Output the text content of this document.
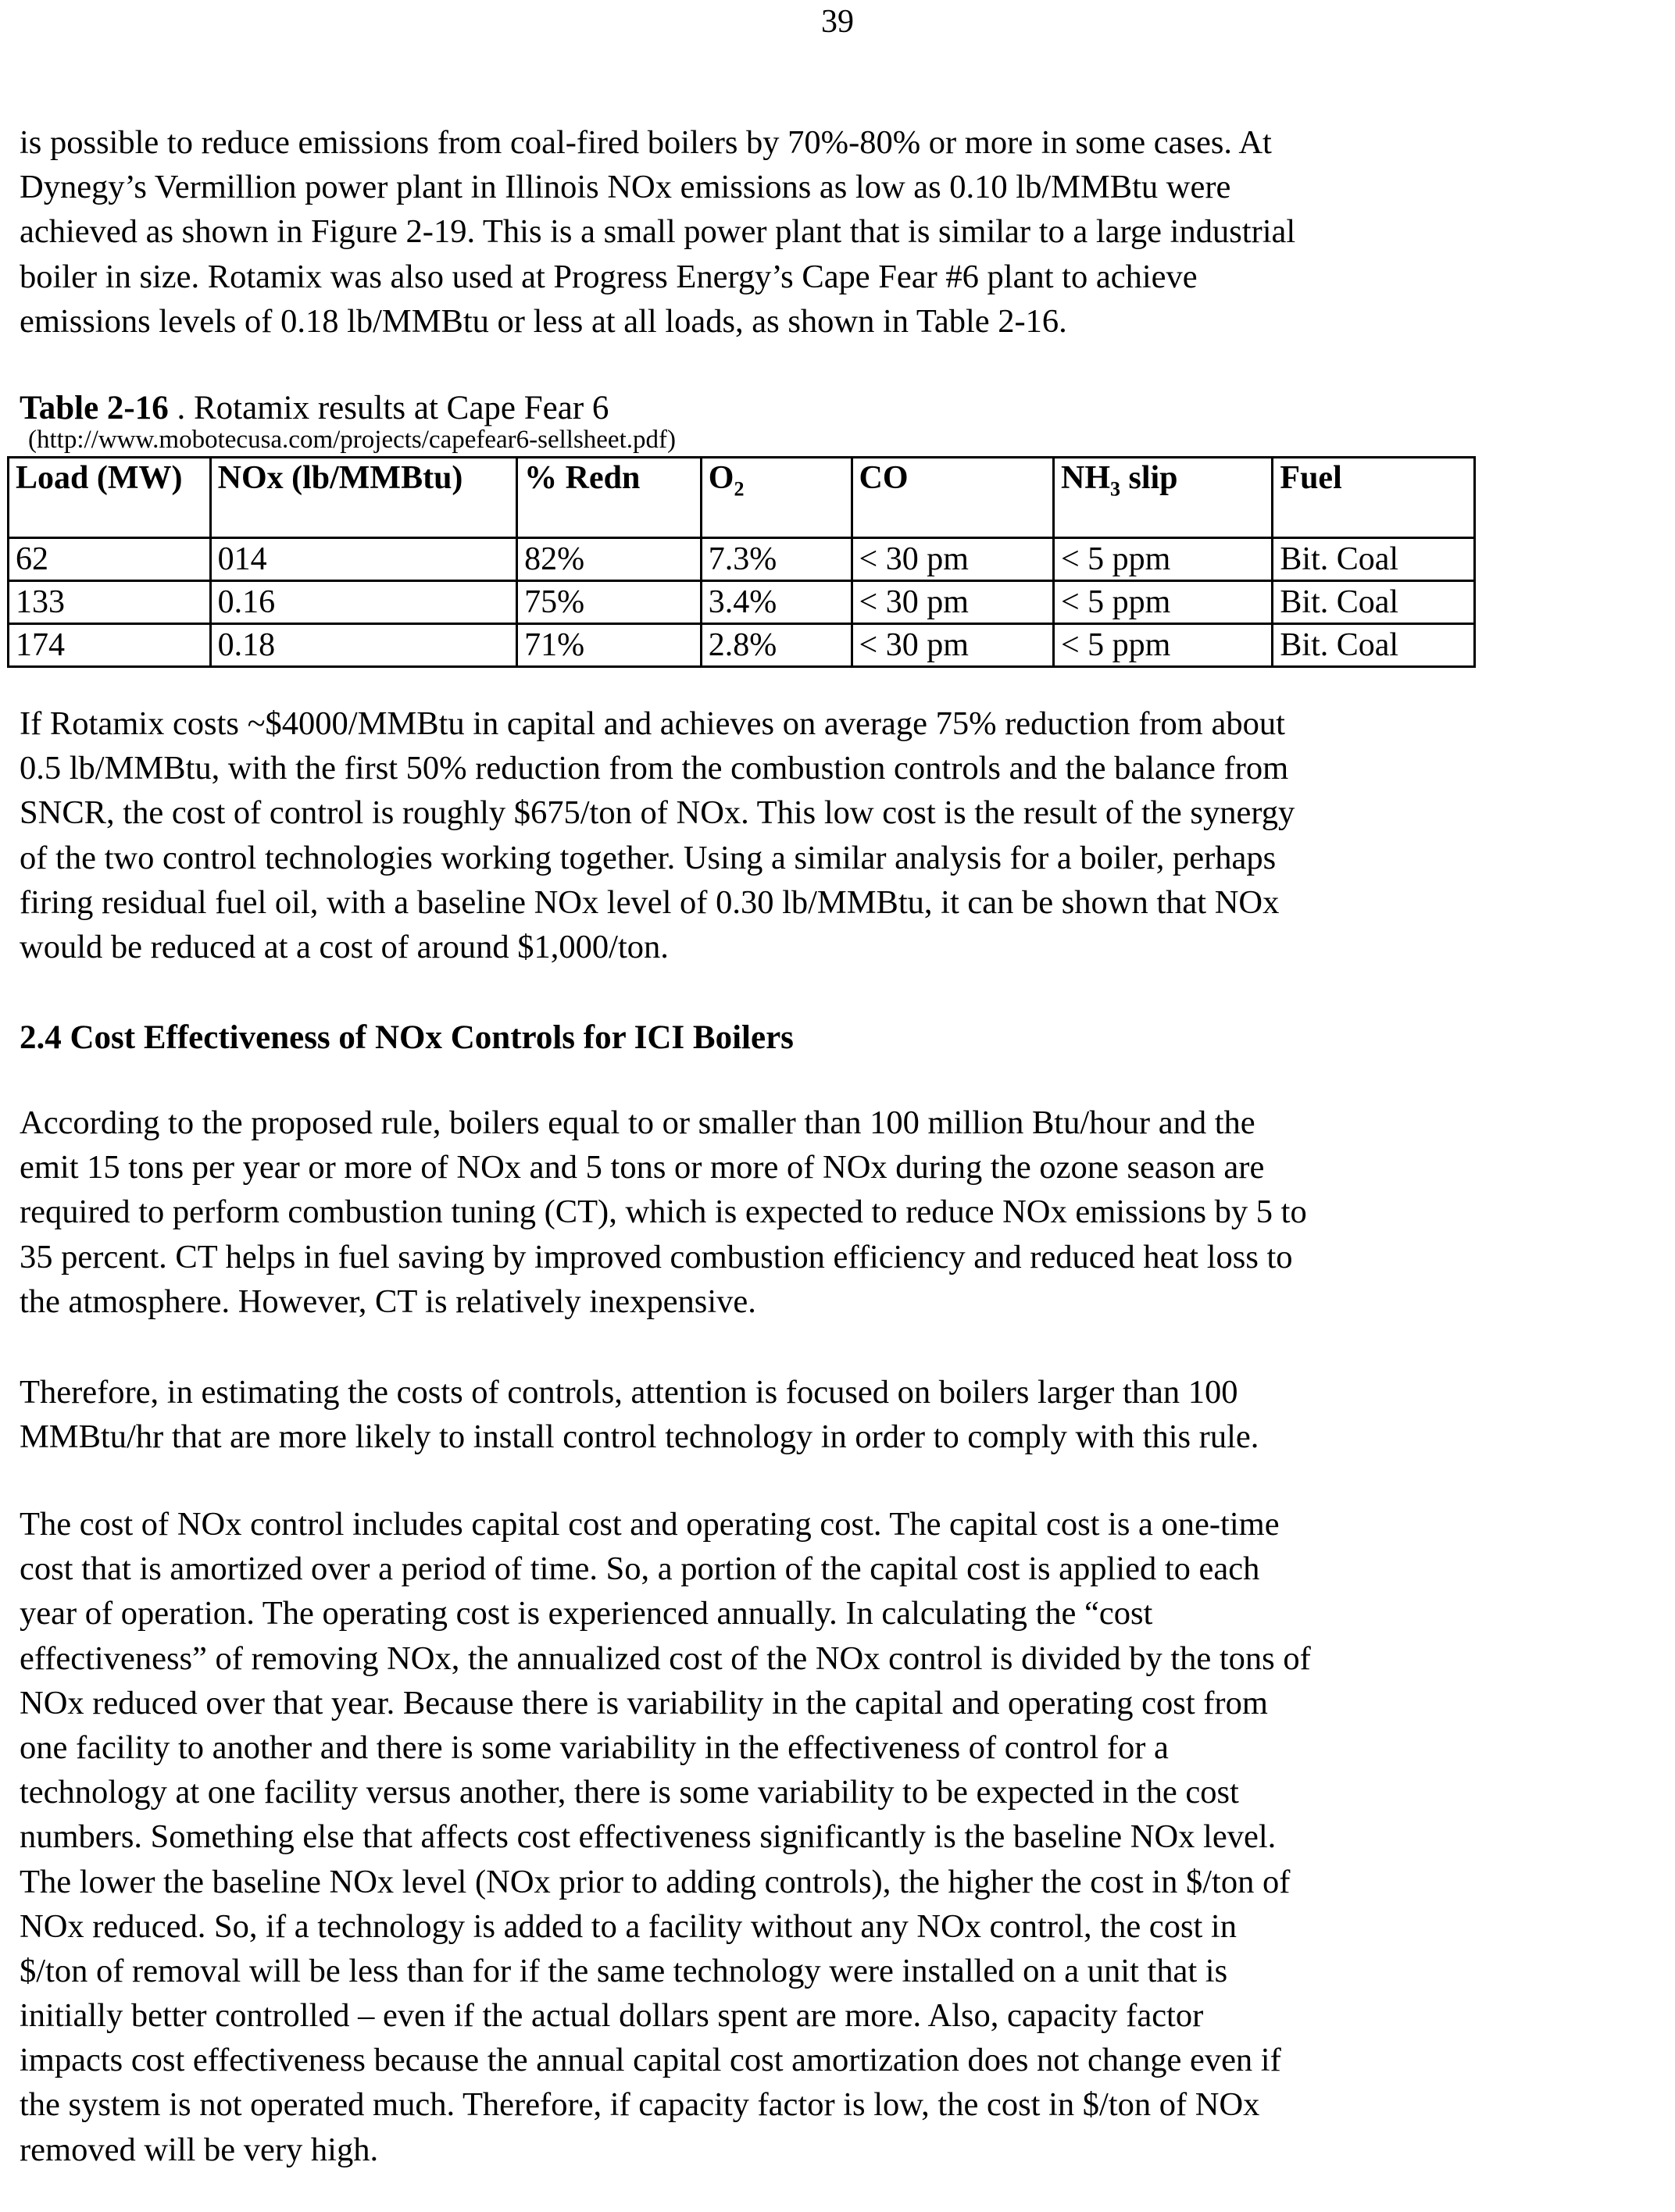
39
is possible to reduce emissions from coal-fired boilers by 70%-80% or more in some cases. At
Dynegy’s Vermillion power plant in Illinois NOx emissions as low as 0.10 lb/MMBtu were
achieved as shown in Figure 2-19. This is a small power plant that is similar to a large industrial
boiler in size. Rotamix was also used at Progress Energy’s Cape Fear #6 plant to achieve
emissions levels of 0.18 lb/MMBtu or less at all loads, as shown in Table 2-16.
Table 2-16 . Rotamix results at Cape Fear 6
(http://www.mobotecusa.com/projects/capefear6-sellsheet.pdf)
Load (MW)	NOx (lb/MMBtu)	% Redn	$O_2$	CO	$NH_3$ slip	Fuel
62	014	82%	7.3%	< 30 pm	< 5 ppm	Bit. Coal
133	0.16	75%	3.4%	< 30 pm	< 5 ppm	Bit. Coal
174	0.18	71%	2.8%	< 30 pm	< 5 ppm	Bit. Coal
If Rotamix costs ~$4000/MMBtu in capital and achieves on average 75% reduction from about
0.5 lb/MMBtu, with the first 50% reduction from the combustion controls and the balance from
SNCR, the cost of control is roughly $675/ton of NOx. This low cost is the result of the synergy
of the two control technologies working together. Using a similar analysis for a boiler, perhaps
firing residual fuel oil, with a baseline NOx level of 0.30 lb/MMBtu, it can be shown that NOx
would be reduced at a cost of around $1,000/ton.
2.4 Cost Effectiveness of NOx Controls for ICI Boilers
According to the proposed rule, boilers equal to or smaller than 100 million Btu/hour and the
emit 15 tons per year or more of NOx and 5 tons or more of NOx during the ozone season are
required to perform combustion tuning (CT), which is expected to reduce NOx emissions by 5 to
35 percent. CT helps in fuel saving by improved combustion efficiency and reduced heat loss to
the atmosphere. However, CT is relatively inexpensive.
Therefore, in estimating the costs of controls, attention is focused on boilers larger than 100
MMBtu/hr that are more likely to install control technology in order to comply with this rule.
The cost of NOx control includes capital cost and operating cost. The capital cost is a one-time
cost that is amortized over a period of time. So, a portion of the capital cost is applied to each
year of operation. The operating cost is experienced annually. In calculating the “cost
effectiveness” of removing NOx, the annualized cost of the NOx control is divided by the tons of
NOx reduced over that year. Because there is variability in the capital and operating cost from
one facility to another and there is some variability in the effectiveness of control for a
technology at one facility versus another, there is some variability to be expected in the cost
numbers. Something else that affects cost effectiveness significantly is the baseline NOx level.
The lower the baseline NOx level (NOx prior to adding controls), the higher the cost in $/ton of
NOx reduced. So, if a technology is added to a facility without any NOx control, the cost in
$/ton of removal will be less than for if the same technology were installed on a unit that is
initially better controlled – even if the actual dollars spent are more. Also, capacity factor
impacts cost effectiveness because the annual capital cost amortization does not change even if
the system is not operated much. Therefore, if capacity factor is low, the cost in $/ton of NOx
removed will be very high.
